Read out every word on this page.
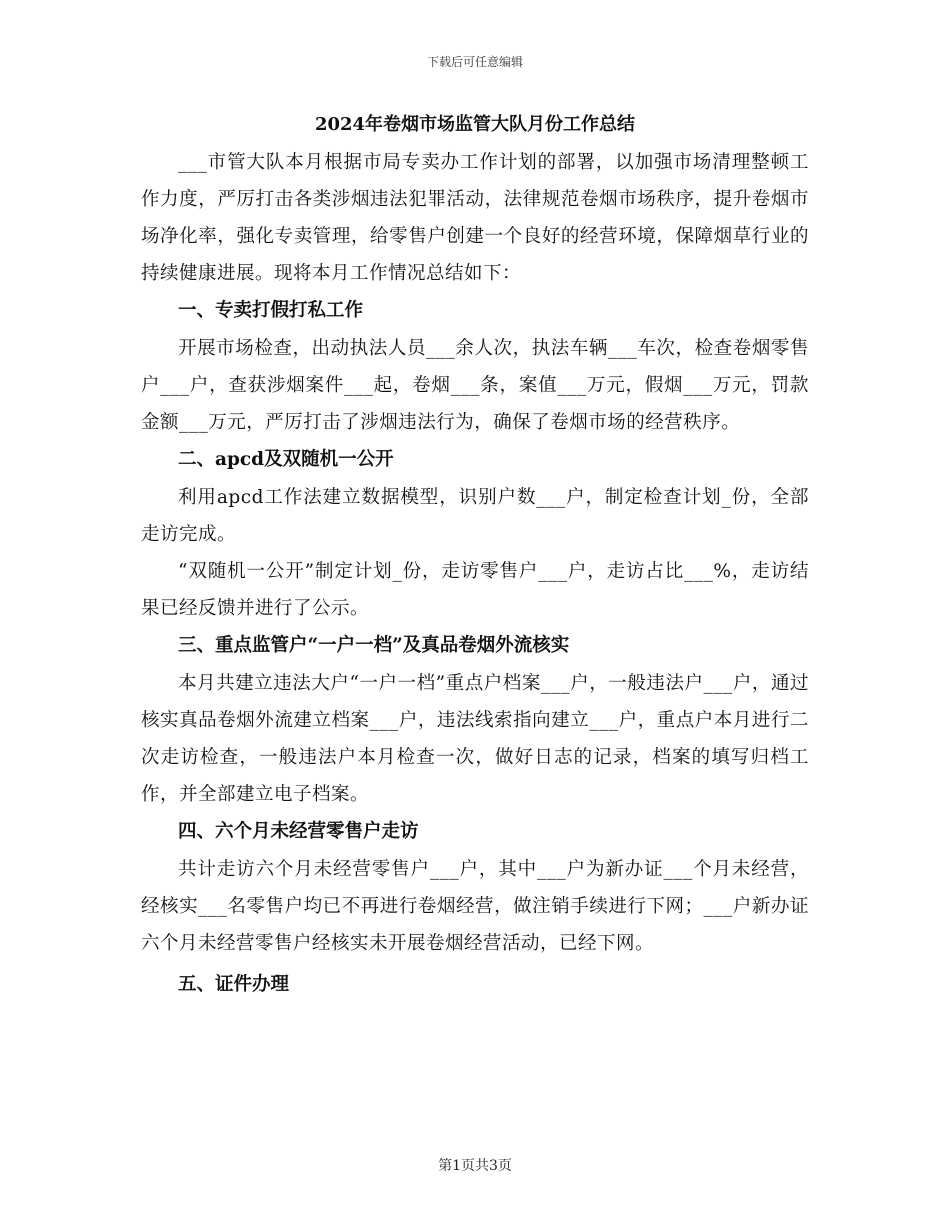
下载后可任意编辑
2024年卷烟市场监管大队月份工作总结

___市管大队本月根据市局专卖办工作计划的部署，以加强市场清理整顿工作力度，严厉打击各类涉烟违法犯罪活动，法律规范卷烟市场秩序，提升卷烟市场净化率，强化专卖管理，给零售户创建一个良好的经营环境，保障烟草行业的持续健康进展。现将本月工作情况总结如下：

一、专卖打假打私工作

开展市场检查，出动执法人员___余人次，执法车辆___车次，检查卷烟零售户___户，查获涉烟案件___起，卷烟___条，案值___万元，假烟___万元，罚款金额___万元，严厉打击了涉烟违法行为，确保了卷烟市场的经营秩序。

二、apcd及双随机一公开

利用apcd工作法建立数据模型，识别户数___户，制定检查计划_份，全部走访完成。

“双随机一公开”制定计划_份，走访零售户___户，走访占比___%，走访结果已经反馈并进行了公示。

三、重点监管户“一户一档”及真品卷烟外流核实

本月共建立违法大户“一户一档”重点户档案___户，一般违法户___户，通过核实真品卷烟外流建立档案___户，违法线索指向建立___户，重点户本月进行二次走访检查，一般违法户本月检查一次，做好日志的记录，档案的填写归档工作，并全部建立电子档案。

四、六个月未经营零售户走访

共计走访六个月未经营零售户___户，其中___户为新办证___个月未经营，经核实___名零售户均已不再进行卷烟经营，做注销手续进行下网；___户新办证六个月未经营零售户经核实未开展卷烟经营活动，已经下网。

五、证件办理
第1页共3页
